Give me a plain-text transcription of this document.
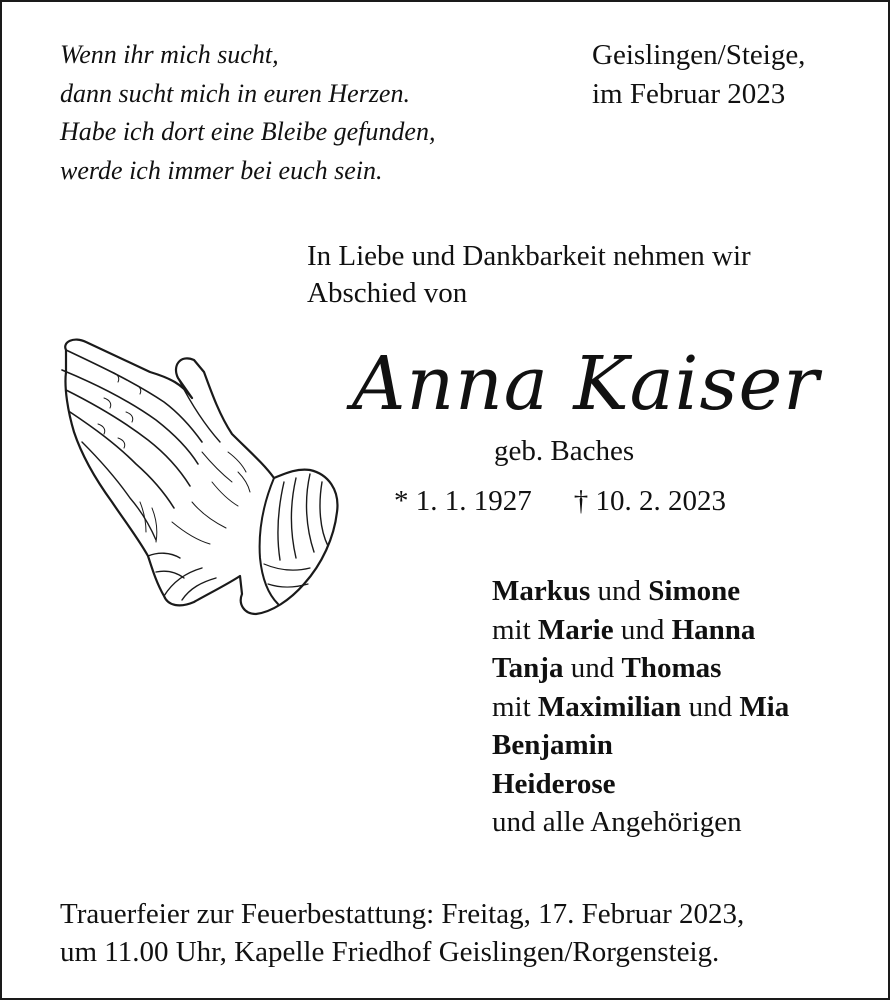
Wenn ihr mich sucht,
dann sucht mich in euren Herzen.
Habe ich dort eine Bleibe gefunden,
werde ich immer bei euch sein.
Geislingen/Steige,
im Februar 2023
In Liebe und Dankbarkeit nehmen wir
Abschied von
Anna Kaiser
geb. Baches
* 1. 1. 1927 † 10. 2. 2023
Markus und Simone
mit Marie und Hanna
Tanja und Thomas
mit Maximilian und Mia
Benjamin
Heiderose
und alle Angehörigen
Trauerfeier zur Feuerbestattung: Freitag, 17. Februar 2023,
um 11.00 Uhr, Kapelle Friedhof Geislingen/Rorgensteig.
